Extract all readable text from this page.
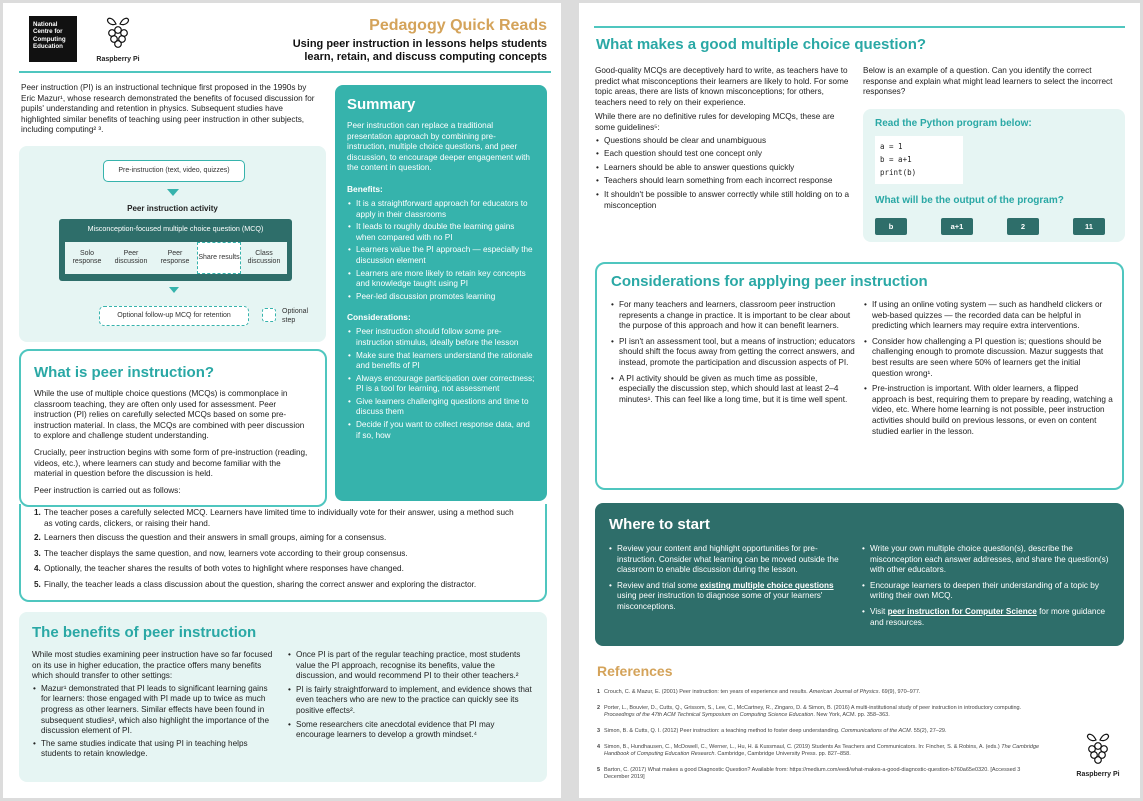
National Centre for Computing Education
Raspberry Pi
Pedagogy Quick Reads
Using peer instruction in lessons helps students
learn, retain, and discuss computing concepts

Peer instruction (PI) is an instructional technique first proposed in the 1990s by Eric Mazur¹, whose research demonstrated the benefits of focused discussion for pupils' understanding and retention in physics. Subsequent studies have highlighted similar benefits of teaching using peer instruction in other subjects, including computing² ³.

Pre-instruction (text, video, quizzes)
Peer instruction activity
Misconception-focused multiple choice question (MCQ)
Solo response
Peer discussion
Peer response
Share results
Class discussion
Optional follow-up MCQ for retention
Optional step
Summary

Peer instruction can replace a traditional presentation approach by combining pre-instruction, multiple choice questions, and peer discussion, to encourage deeper engagement with the content in question.

Benefits:
• It is a straightforward approach for educators to apply in their classrooms
• It leads to roughly double the learning gains when compared with no PI
• Learners value the PI approach — especially the discussion element
• Learners are more likely to retain key concepts and knowledge taught using PI
• Peer-led discussion promotes learning
Considerations:
• Peer instruction should follow some pre-instruction stimulus, ideally before the lesson
• Make sure that learners understand the rationale and benefits of PI
• Always encourage participation over correctness; PI is a tool for learning, not assessment
• Give learners challenging questions and time to discuss them
• Decide if you want to collect response data, and if so, how
What is peer instruction?

While the use of multiple choice questions (MCQs) is commonplace in classroom teaching, they are often only used for assessment. Peer instruction (PI) relies on carefully selected MCQs based on some pre-instruction material. In class, the MCQs are combined with peer discussion to explore and challenge student understanding.

Crucially, peer instruction begins with some form of pre-instruction (reading, videos, etc.), where learners can study and become familiar with the material in question before the discussion is held.

Peer instruction is carried out as follows:

1. The teacher poses a carefully selected MCQ. Learners have limited time to individually vote for their answer, using a method such as voting cards, clickers, or raising their hand.

2. Learners then discuss the question and their answers in small groups, aiming for a consensus.

3. The teacher displays the same question, and now, learners vote according to their group consensus.

4. Optionally, the teacher shares the results of both votes to highlight where responses have changed.

5. Finally, the teacher leads a class discussion about the question, sharing the correct answer and exploring the distractor.

The benefits of peer instruction

While most studies examining peer instruction have so far focused on its use in higher education, the practice offers many benefits which should transfer to other settings:

• Mazur¹ demonstrated that PI leads to significant learning gains for learners: those engaged with PI made up to twice as much progress as other learners. Similar effects have been found in subsequent studies², which also highlight the importance of the discussion element of PI.
• The same studies indicate that using PI in teaching helps students to retain knowledge.
• Once PI is part of the regular teaching practice, most students value the PI approach, recognise its benefits, value the discussion, and would recommend PI to their other teachers.²
• PI is fairly straightforward to implement, and evidence shows that even teachers who are new to the practice can quickly see its positive effects².
• Some researchers cite anecdotal evidence that PI may encourage learners to develop a growth mindset.⁴
What makes a good multiple choice question?

Good-quality MCQs are deceptively hard to write, as teachers have to predict what misconceptions their learners are likely to hold. For some topic areas, there are lists of known misconceptions; for others, teachers need to rely on their experience.

While there are no definitive rules for developing MCQs, these are some guidelines⁵:

• Questions should be clear and unambiguous
• Each question should test one concept only
• Learners should be able to answer questions quickly
• Teachers should learn something from each incorrect response
• It shouldn't be possible to answer correctly while still holding on to a misconception

Below is an example of a question. Can you identify the correct response and explain what might lead learners to select the incorrect responses?

Read the Python program below:
a = 1
b = a+1
print(b)
What will be the output of the program?
b	a+1	2	11
Considerations for applying peer instruction
• For many teachers and learners, classroom peer instruction represents a change in practice. It is important to be clear about the purpose of this approach and how it can benefit learners.
• PI isn't an assessment tool, but a means of instruction; educators should shift the focus away from getting the correct answers, and instead, promote the participation and discussion aspects of PI.
• A PI activity should be given as much time as possible, especially the discussion step, which should last at least 2–4 minutes¹. This can feel like a long time, but it is time well spent.
• If using an online voting system — such as handheld clickers or web-based quizzes — the recorded data can be helpful in predicting which learners may require extra interventions.
• Consider how challenging a PI question is; questions should be challenging enough to promote discussion. Mazur suggests that best results are seen where 50% of learners get the initial question wrong¹.
• Pre-instruction is important. With older learners, a flipped approach is best, requiring them to prepare by reading, watching a video, etc. Where home learning is not possible, peer instruction activities should build on previous lessons, or even on content studied earlier in the lesson.
Where to start
• Review your content and highlight opportunities for pre-instruction. Consider what learning can be moved outside the classroom to enable discussion during the lesson.
• Review and trial some existing multiple choice questions using peer instruction to diagnose some of your learners' misconceptions.
• Write your own multiple choice question(s), describe the misconception each answer addresses, and share the question(s) with other educators.
• Encourage learners to deepen their understanding of a topic by writing their own MCQ.
• Visit peer instruction for Computer Science for more guidance and resources.
References
1 Crouch, C. & Mazur, E. (2001) Peer instruction: ten years of experience and results. American Journal of Physics. 69(9), 970–977.
2 Porter, L., Bouvier, D., Cutts, Q., Grissom, S., Lee, C., McCartney, R., Zingaro, D. & Simon, B. (2016) A multi-institutional study of peer instruction in introductory computing. Proceedings of the 47th ACM Technical Symposium on Computing Science Education. New York, ACM. pp. 358–363.
3 Simon, B. & Cutts, Q. I. (2012) Peer instruction: a teaching method to foster deep understanding. Communications of the ACM. 55(2), 27–29.
4 Simon, B., Hundhausen, C., McDowell, C., Werner, L., Hu, H. & Kussmaul, C. (2019) Students As Teachers and Communicators. In: Fincher, S. & Robins, A. (eds.) The Cambridge Handbook of Computing Education Research. Cambridge, Cambridge University Press. pp. 827–858.
5 Barton, C. (2017) What makes a good Diagnostic Question? Available from: https://medium.com/eedi/what-makes-a-good-diagnostic-question-b760a65e0320. [Accessed 3 December 2019]	Raspberry Pi
